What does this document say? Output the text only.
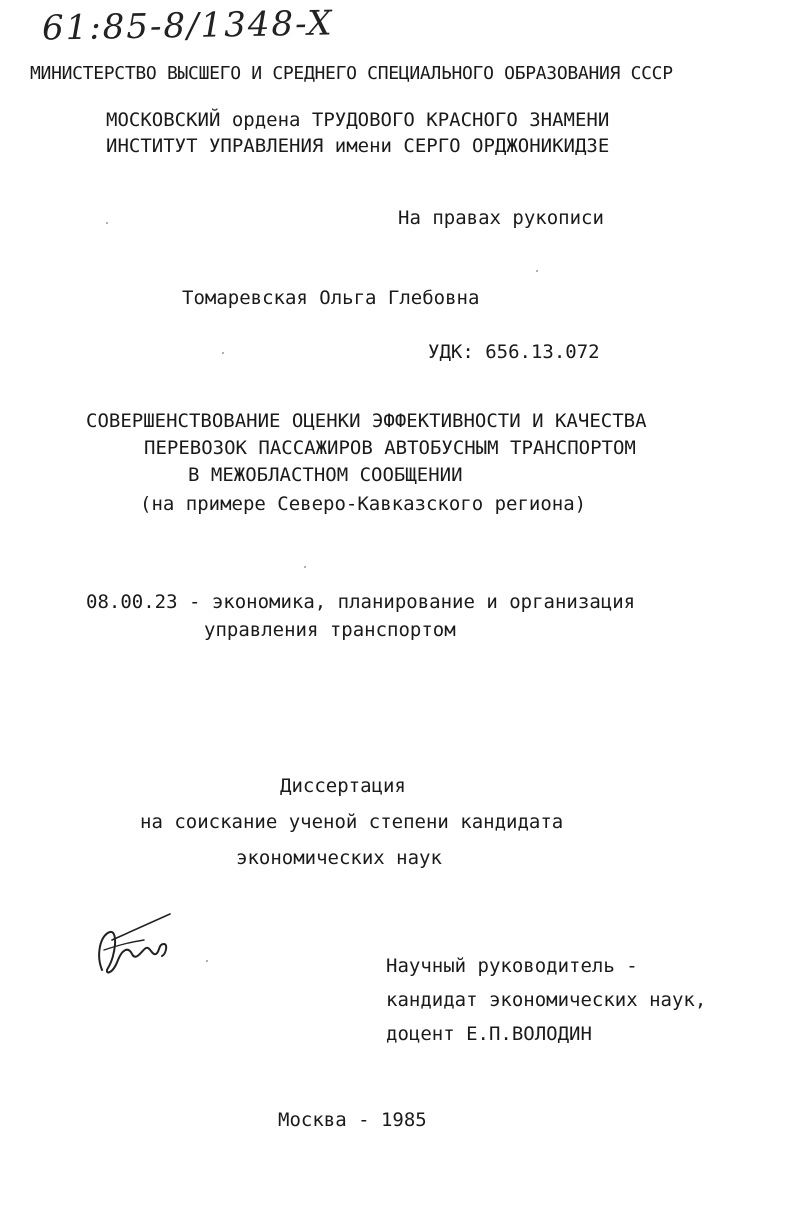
61:85-8/1348-X
МИНИСТЕРСТВО ВЫСШЕГО И СРЕДНЕГО СПЕЦИАЛЬНОГО ОБРАЗОВАНИЯ СССР
МОСКОВСКИЙ ордена ТРУДОВОГО КРАСНОГО ЗНАМЕНИ
ИНСТИТУТ УПРАВЛЕНИЯ имени СЕРГО ОРДЖОНИКИДЗЕ
На правах рукописи
Томаревская Ольга Глебовна
УДК: 656.13.072
СОВЕРШЕНСТВОВАНИЕ ОЦЕНКИ ЭФФЕКТИВНОСТИ И КАЧЕСТВА
ПЕРЕВОЗОК ПАССАЖИРОВ АВТОБУСНЫМ ТРАНСПОРТОМ
В МЕЖОБЛАСТНОМ СООБЩЕНИИ
(на примере Северо-Кавказского региона)
08.00.23 - экономика, планирование и организация
управления транспортом
Диссертация
на соискание ученой степени кандидата
экономических наук
Научный руководитель -
кандидат экономических наук,
доцент Е.П.ВОЛОДИН
Москва - 1985
